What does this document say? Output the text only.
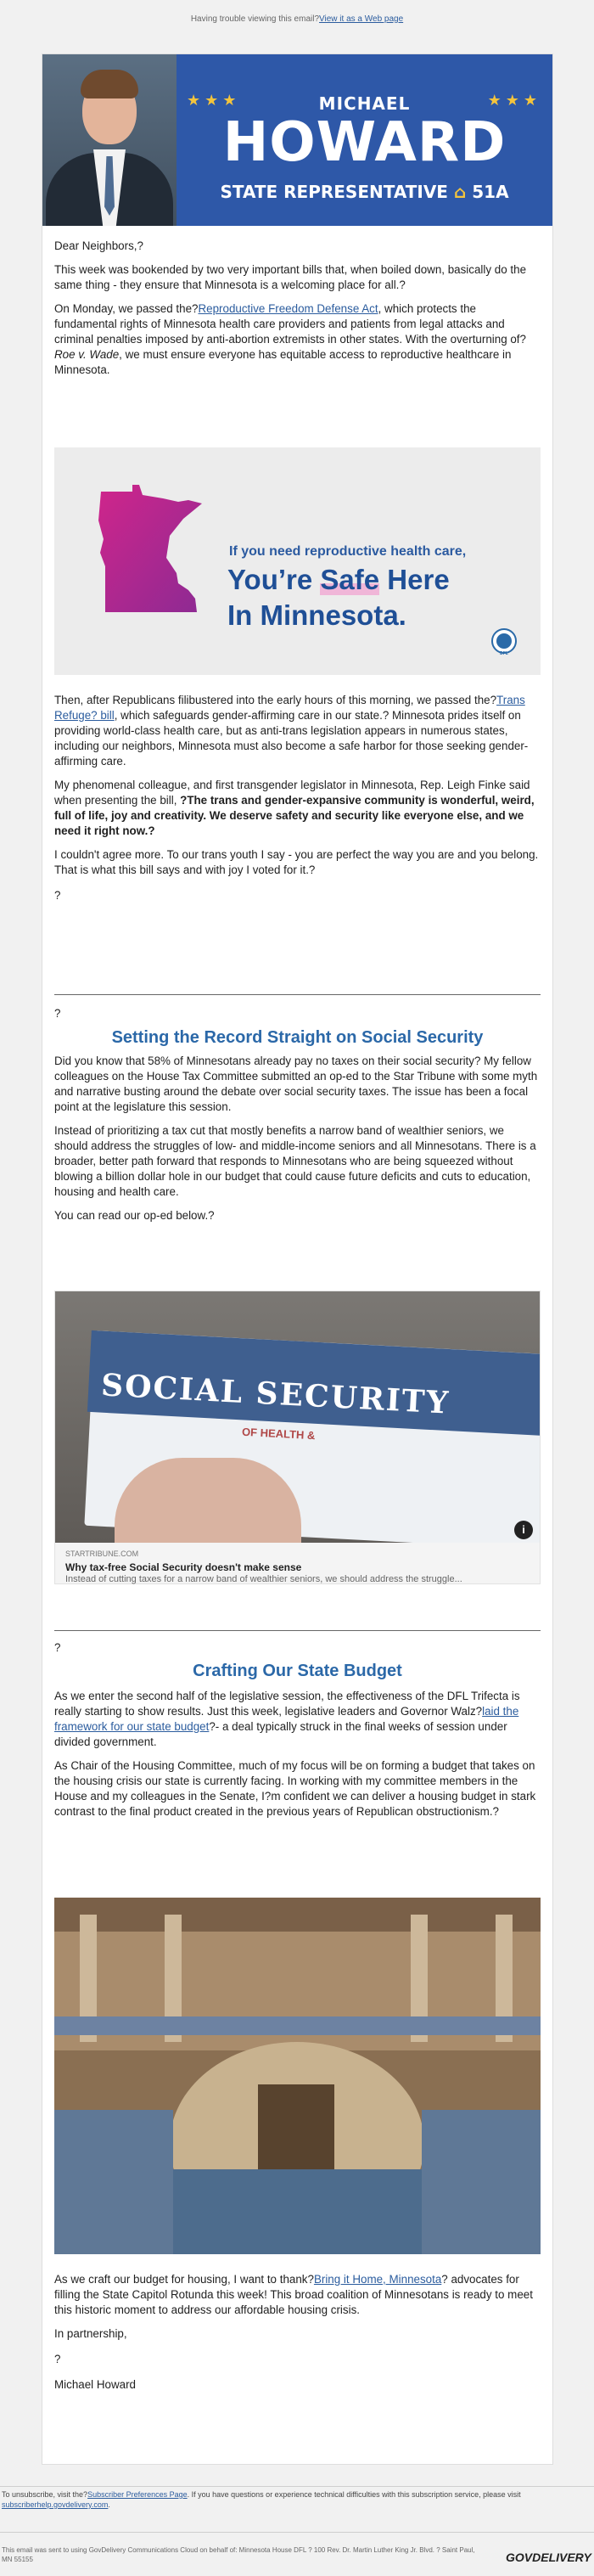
Having trouble viewing this email? View it as a Web page
★★★	★★★
MICHAEL
HOWARD
STATE REPRESENTATIVE ⌂ 51A

Dear Neighbors,?

This week was bookended by two very important bills that, when boiled down, basically do the same thing - they ensure that Minnesota is a welcoming place for all.?

On Monday, we passed the?Reproductive Freedom Defense Act, which protects the fundamental rights of Minnesota health care providers and patients from legal attacks and criminal penalties imposed by anti-abortion extremists in other states. With the overturning of?Roe v. Wade, we must ensure everyone has equitable access to reproductive healthcare in Minnesota.

If you need reproductive health care,
You’re Safe Here
In Minnesota.
DFL

Then, after Republicans filibustered into the early hours of this morning, we passed the?Trans Refuge? bill, which safeguards gender-affirming care in our state.? Minnesota prides itself on providing world-class health care, but as anti-trans legislation appears in numerous states, including our neighbors, Minnesota must also become a safe harbor for those seeking gender-affirming care.

My phenomenal colleague, and first transgender legislator in Minnesota, Rep. Leigh Finke said when presenting the bill, ?The trans and gender-expansive community is wonderful, weird, full of life, joy and creativity. We deserve safety and security like everyone else, and we need it right now.?

I couldn't agree more. To our trans youth I say - you are perfect the way you are and you belong. That is what this bill says and with joy I voted for it.?

?

?

Setting the Record Straight on Social Security

Did you know that 58% of Minnesotans already pay no taxes on their social security? My fellow colleagues on the House Tax Committee submitted an op-ed to the Star Tribune with some myth and narrative busting around the debate over social security taxes. The issue has been a focal point at the legislature this session.

Instead of prioritizing a tax cut that mostly benefits a narrow band of wealthier seniors, we should address the struggles of low- and middle-income seniors and all Minnesotans. There is a broader, better path forward that responds to Minnesotans who are being squeezed without blowing a billion dollar hole in our budget that could cause future deficits and cuts to education, housing and health care.

You can read our op-ed below.?

SOCIAL SECURITY
OF HEALTH &
i
STARTRIBUNE.COM
Why tax-free Social Security doesn't make sense
Instead of cutting taxes for a narrow band of wealthier seniors, we should address the struggle...

?

Crafting Our State Budget

As we enter the second half of the legislative session, the effectiveness of the DFL Trifecta is really starting to show results. Just this week, legislative leaders and Governor Walz?laid the framework for our state budget?- a deal typically struck in the final weeks of session under divided government.

As Chair of the Housing Committee, much of my focus will be on forming a budget that takes on the housing crisis our state is currently facing. In working with my committee members in the House and my colleagues in the Senate, I?m confident we can deliver a housing budget in stark contrast to the final product created in the previous years of Republican obstructionism.?

As we craft our budget for housing, I want to thank?Bring it Home, Minnesota? advocates for filling the State Capitol Rotunda this week! This broad coalition of Minnesotans is ready to meet this historic moment to address our affordable housing crisis.

In partnership,

?

Michael Howard

To unsubscribe, visit the?Subscriber Preferences Page. If you have questions or experience technical difficulties with this subscription service, please visit subscriberhelp.govdelivery.com.
This email was sent to using GovDelivery Communications Cloud on behalf of: Minnesota House DFL ? 100 Rev. Dr. Martin Luther King Jr. Blvd. ? Saint Paul, MN 55155	GOVDELIVERY
